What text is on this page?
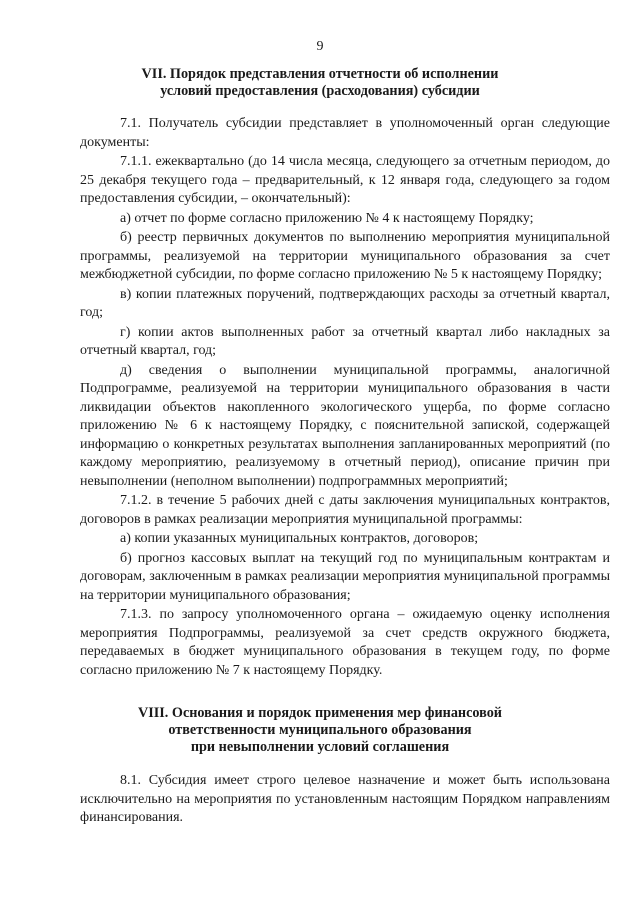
9
VII. Порядок представления отчетности об исполнении
условий предоставления (расходования) субсидии

7.1. Получатель субсидии представляет в уполномоченный орган следующие документы:

7.1.1. ежеквартально (до 14 числа месяца, следующего за отчетным периодом, до 25 декабря текущего года – предварительный, к 12 января года, следующего за годом предоставления субсидии, – окончательный):

а) отчет по форме согласно приложению № 4 к настоящему Порядку;

б) реестр первичных документов по выполнению мероприятия муниципальной программы, реализуемой на территории муниципального образования за счет межбюджетной субсидии, по форме согласно приложению № 5 к настоящему Порядку;

в) копии платежных поручений, подтверждающих расходы за отчетный квартал, год;

г) копии актов выполненных работ за отчетный квартал либо накладных за отчетный квартал, год;

д) сведения о выполнении муниципальной программы, аналогичной Подпрограмме, реализуемой на территории муниципального образования в части ликвидации объектов накопленного экологического ущерба, по форме согласно приложению № 6 к настоящему Порядку, с пояснительной запиской, содержащей информацию о конкретных результатах выполнения запланированных мероприятий (по каждому мероприятию, реализуемому в отчетный период), описание причин при невыполнении (неполном выполнении) подпрограммных мероприятий;

7.1.2. в течение 5 рабочих дней с даты заключения муниципальных контрактов, договоров в рамках реализации мероприятия муниципальной программы:

а) копии указанных муниципальных контрактов, договоров;

б) прогноз кассовых выплат на текущий год по муниципальным контрактам и договорам, заключенным в рамках реализации мероприятия муниципальной программы на территории муниципального образования;

7.1.3. по запросу уполномоченного органа – ожидаемую оценку исполнения мероприятия Подпрограммы, реализуемой за счет средств окружного бюджета, передаваемых в бюджет муниципального образования в текущем году, по форме согласно приложению № 7 к настоящему Порядку.

VIII. Основания и порядок применения мер финансовой
ответственности муниципального образования
при невыполнении условий соглашения

8.1. Субсидия имеет строго целевое назначение и может быть использована исключительно на мероприятия по установленным настоящим Порядком направлениям финансирования.
